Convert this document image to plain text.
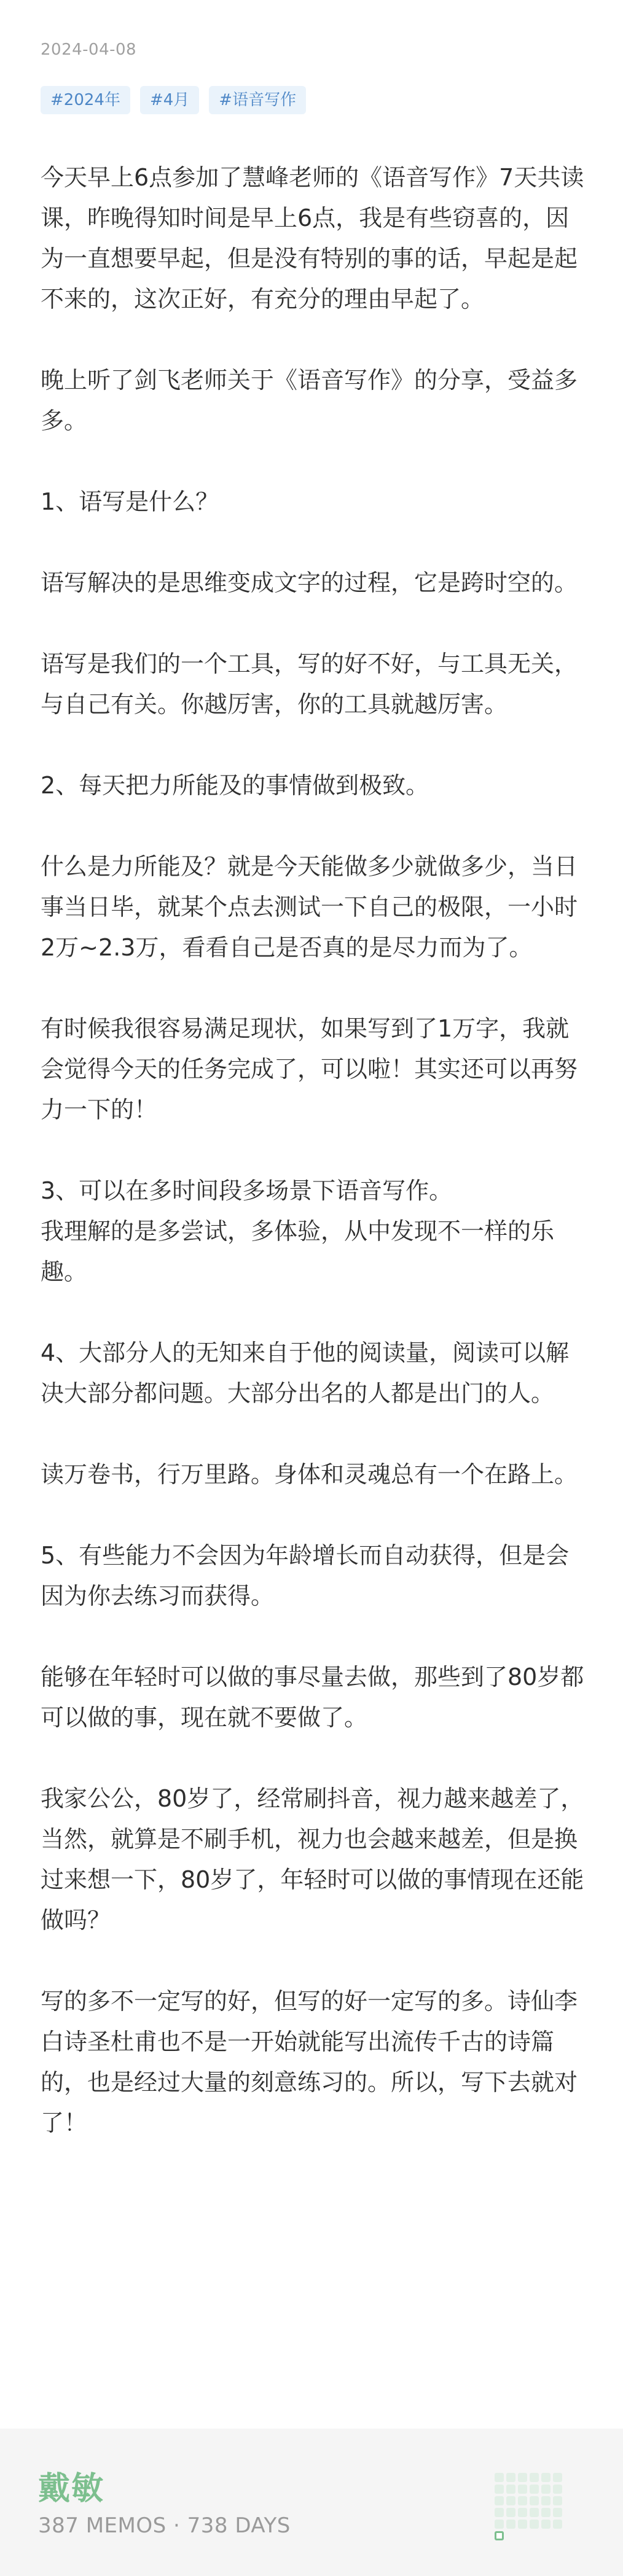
2024-04-08
#2024年	#4月	#语音写作

今天早上6点参加了慧峰老师的《语音写作》7天共读课，昨晚得知时间是早上6点，我是有些窃喜的，因为一直想要早起，但是没有特别的事的话，早起是起不来的，这次正好，有充分的理由早起了。

晚上听了剑飞老师关于《语音写作》的分享，受益多多。

1、语写是什么？

语写解决的是思维变成文字的过程，它是跨时空的。

语写是我们的一个工具，写的好不好，与工具无关，与自己有关。你越厉害，你的工具就越厉害。

2、每天把力所能及的事情做到极致。

什么是力所能及？就是今天能做多少就做多少，当日事当日毕，就某个点去测试一下自己的极限，一小时2万~2.3万，看看自己是否真的是尽力而为了。

有时候我很容易满足现状，如果写到了1万字，我就会觉得今天的任务完成了，可以啦！其实还可以再努力一下的！

3、可以在多时间段多场景下语音写作。
我理解的是多尝试，多体验，从中发现不一样的乐趣。

4、大部分人的无知来自于他的阅读量，阅读可以解决大部分都问题。大部分出名的人都是出门的人。

读万卷书，行万里路。身体和灵魂总有一个在路上。

5、有些能力不会因为年龄增长而自动获得，但是会因为你去练习而获得。

能够在年轻时可以做的事尽量去做，那些到了80岁都可以做的事，现在就不要做了。

我家公公，80岁了，经常刷抖音，视力越来越差了，当然，就算是不刷手机，视力也会越来越差，但是换过来想一下，80岁了，年轻时可以做的事情现在还能做吗？

写的多不一定写的好，但写的好一定写的多。诗仙李白诗圣杜甫也不是一开始就能写出流传千古的诗篇的，也是经过大量的刻意练习的。所以，写下去就对了！

戴敏
387 MEMOS · 738 DAYS
